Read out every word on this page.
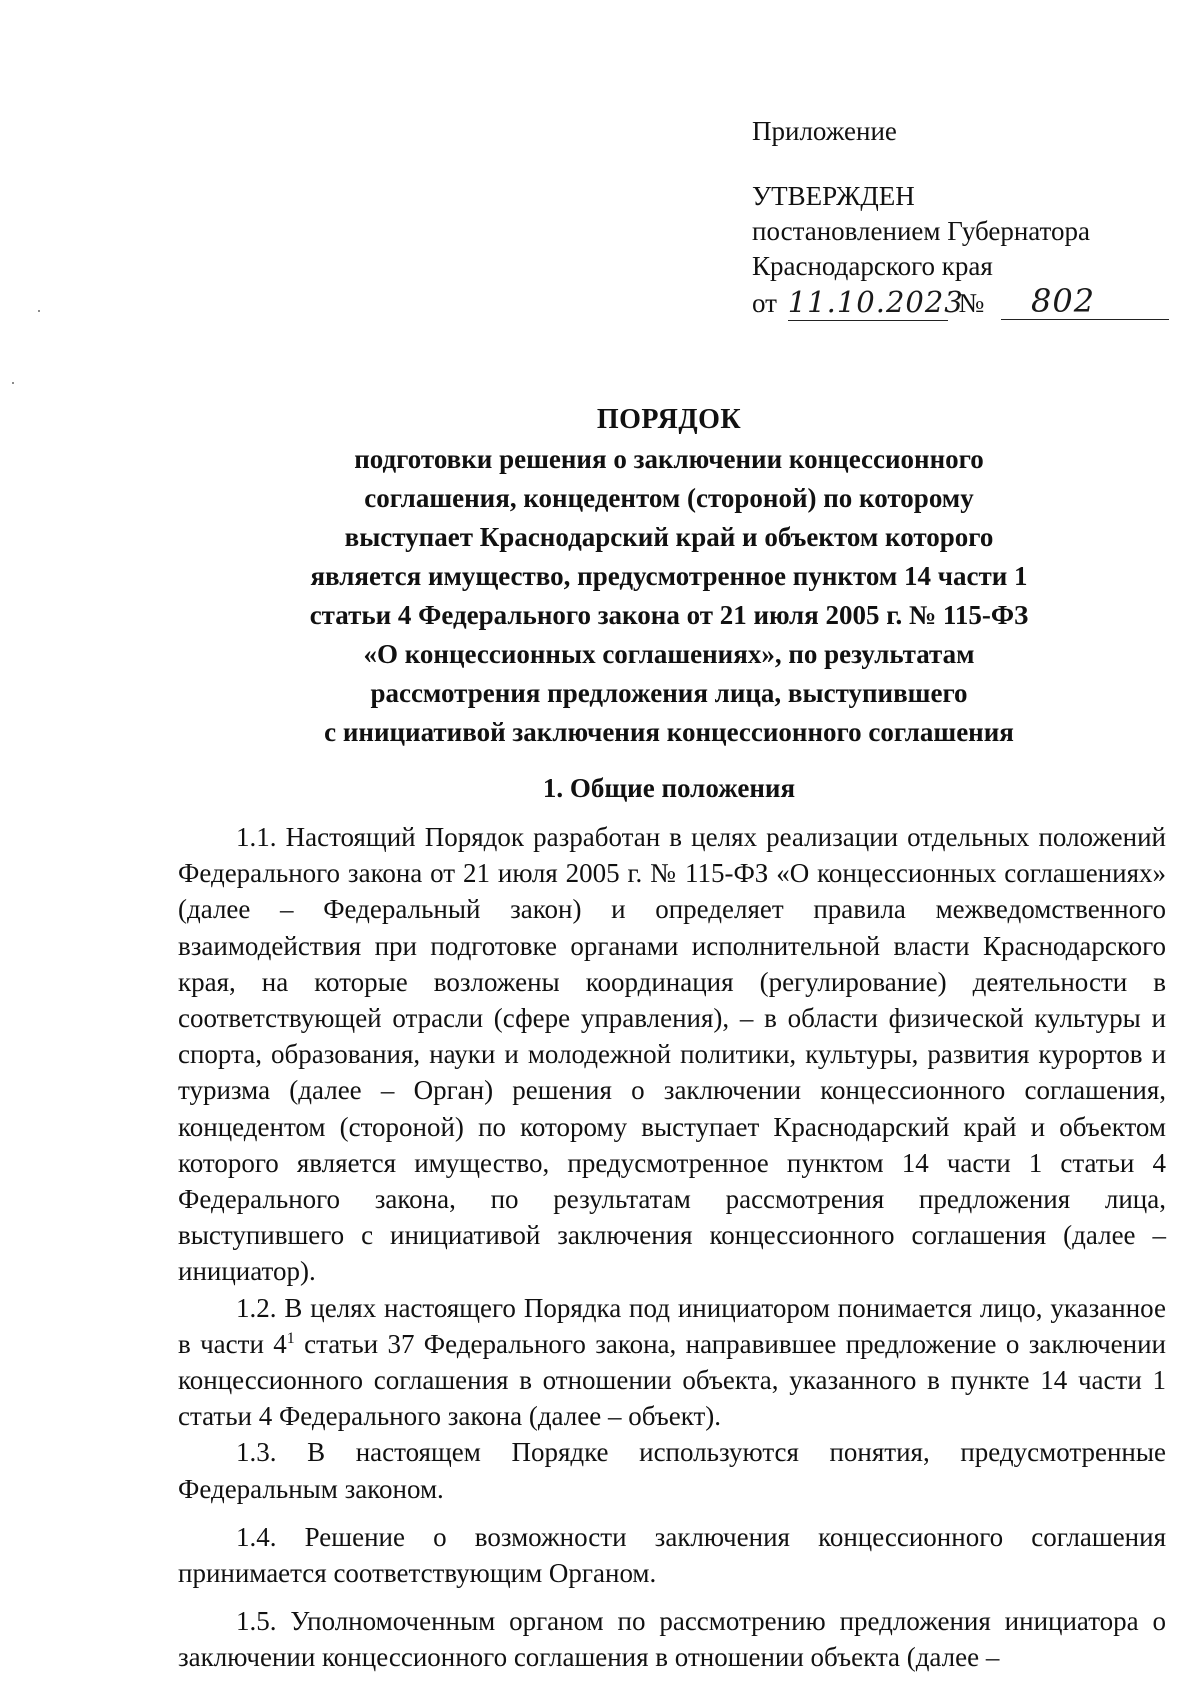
Приложение
УТВЕРЖДЕН
постановлением Губернатора
Краснодарского края
от 11.10.2023 № 802
ПОРЯДОК
подготовки решения о заключении концессионного
соглашения, концедентом (стороной) по которому
выступает Краснодарский край и объектом которого
является имущество, предусмотренное пунктом 14 части 1
статьи 4 Федерального закона от 21 июля 2005 г. № 115-ФЗ
«О концессионных соглашениях», по результатам
рассмотрения предложения лица, выступившего
с инициативой заключения концессионного соглашения
1. Общие положения

1.1. Настоящий Порядок разработан в целях реализации отдельных положений Федерального закона от 21 июля 2005 г. № 115-ФЗ «О концессионных соглашениях» (далее – Федеральный закон) и определяет правила межведомственного взаимодействия при подготовке органами исполнительной власти Краснодарского края, на которые возложены координация (регулирование) деятельности в соответствующей отрасли (сфере управления), – в области физической культуры и спорта, образования, науки и молодежной политики, культуры, развития курортов и туризма (далее – Орган) решения о заключении концессионного соглашения, концедентом (стороной) по которому выступает Краснодарский край и объектом которого является имущество, предусмотренное пунктом 14 части 1 статьи 4 Федерального закона, по результатам рассмотрения предложения лица, выступившего с инициативой заключения концессионного соглашения (далее – инициатор).

1.2. В целях настоящего Порядка под инициатором понимается лицо, указанное в части $4^1$ статьи 37 Федерального закона, направившее предложение о заключении концессионного соглашения в отношении объекта, указанного в пункте 14 части 1 статьи 4 Федерального закона (далее – объект).

1.3. В настоящем Порядке используются понятия, предусмотренные Федеральным законом.

1.4. Решение о возможности заключения концессионного соглашения принимается соответствующим Органом.

1.5. Уполномоченным органом по рассмотрению предложения инициатора о заключении концессионного соглашения в отношении объекта (далее –
